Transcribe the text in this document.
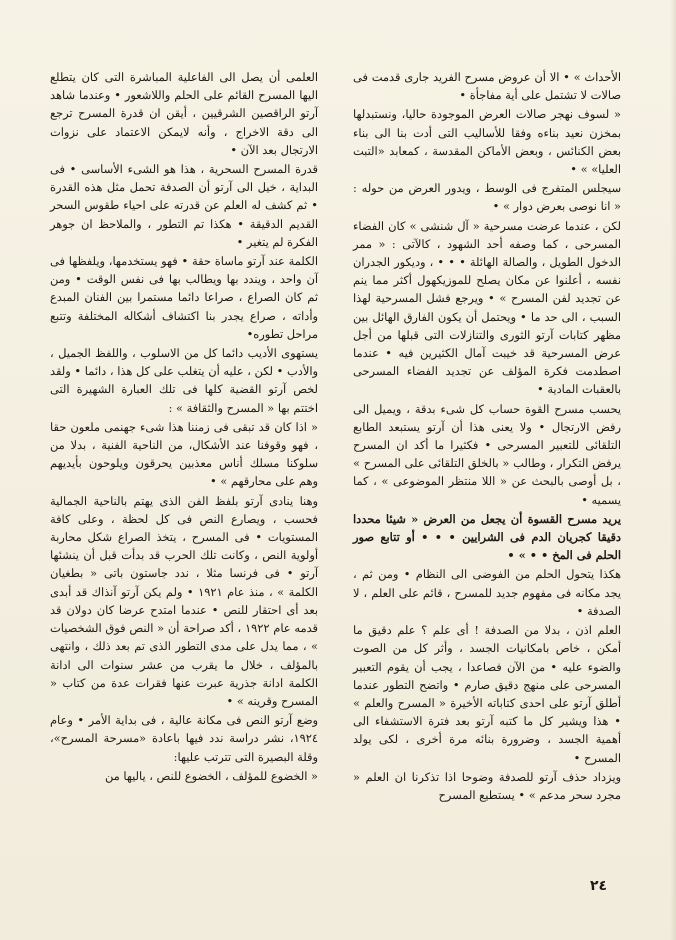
الأحداث » • الا أن عروض مسرح الفريد جارى قدمت فى صالات لا تشتمل على أية مفاجأة •

« لسوف نهجر صالات العرض الموجودة حاليا، ونستبدلها بمخزن نعيد بناءه وفقا للأساليب التى أدت بنا الى بناء بعض الكنائس ، وبعض الأماكن المقدسة ، كمعابد «التبت العليا» » •

سيجلس المتفرج فى الوسط ، ويدور العرض من حوله : « انا نوصى بعرض دوار » •

لكن ، عندما عرضت مسرحية « آل شنشى » كان الفضاء المسرحى ، كما وصفه أحد الشهود ، كالآتى : « ممر الدخول الطويل ، والصالة الهائلة • • • ، وديكور الجدران نفسه ، أعلنوا عن مكان يصلح للموزيكهول أكثر مما ينم عن تجديد لفن المسرح » • ويرجع فشل المسرحية لهذا السبب ، الى حد ما • ويحتمل أن يكون الفارق الهائل بين مظهر كتابات آرتو الثورى والتنازلات التى قبلها من أجل عرض المسرحية قد خيبت آمال الكثيرين فيه • عندما اصطدمت فكرة المؤلف عن تجديد الفضاء المسرحى بالعقبات المادية •

يحسب مسرح القوة حساب كل شىء بدقة ، ويميل الى رفض الارتجال • ولا يعنى هذا أن آرتو يستبعد الطابع التلقائى للتعبير المسرحى • فكثيرا ما أكد ان المسرح يرفض التكرار ، وطالب « بالخلق التلقائى على المسرح » ، بل أوصى بالبحث عن « اللا منتظر الموضوعى » ، كما يسميه •

يريد مسرح القسوة أن يجعل من العرض « شيئا محددا دقيقا كجريان الدم فى الشرايين • • • أو تتابع صور الحلم فى المخ • • » •

هكذا يتحول الحلم من الفوضى الى النظام • ومن ثم ، يجد مكانه فى مفهوم جديد للمسرح ، قائم على العلم ، لا الصدفة •

العلم اذن ، بدلا من الصدفة ! أى علم ؟ علم دقيق ما أمكن ، خاص بامكانيات الجسد ، وأثر كل من الصوت والضوء عليه • من الآن فصاعدا ، يجب أن يقوم التعبير المسرحى على منهج دقيق صارم • واتضح التطور عندما أطلق آرتو على احدى كتاباته الأخيرة « المسرح والعلم » • هذا ويشير كل ما كتبه آرتو بعد فترة الاستشفاء الى أهمية الجسد ، وضرورة بنائه مرة أخرى ، لكى يولد المسرح •

ويزداد حذف آرتو للصدفة وضوحا اذا تذكرنا ان العلم « مجرد سحر مدعم » • يستطيع المسرح

العلمى أن يصل الى الفاعلية المباشرة التى كان يتطلع اليها المسرح القائم على الحلم واللاشعور • وعندما شاهد آرتو الراقصين الشرقيين ، أيقن ان قدرة المسرح ترجع الى دقة الاخراج ، وأنه لايمكن الاعتماد على نزوات الارتجال بعد الآن •

قدرة المسرح السحرية ، هذا هو الشىء الأساسى • فى البداية ، خيل الى آرتو أن الصدفة تحمل مثل هذه القدرة • ثم كشف له العلم عن قدرته على احياء طقوس السحر القديم الدقيقة • هكذا تم التطور ، والملاحظ ان جوهر الفكرة لم يتغير •

الكلمة عند آرتو ماساة حقة • فهو يستخدمها، ويلفظها فى آن واحد ، ويندد بها ويطالب بها فى نفس الوقت • ومن ثم كان الصراع ، صراعا دائما مستمرا بين الفنان المبدع وأداته ، صراع يجدر بنا اكتشاف أشكاله المختلفة وتتبع مراحل تطوره•

يستهوى الأديب دائما كل من الاسلوب ، واللفظ الجميل ، والأدب • لكن ، عليه أن يتغلب على كل هذا ، دائما • ولقد لخص آرتو القضية كلها فى تلك العبارة الشهيرة التى اختتم بها « المسرح والثقافة » :

« اذا كان قد تبقى فى زمننا هذا شىء جهنمى ملعون حقا ، فهو وقوفنا عند الأشكال، من الناحية الفنية ، بدلا من سلوكنا مسلك أناس معذبين يحرقون ويلوحون بأيديهم وهم على محارقهم » •

وهنا ينادى آرتو بلفظ الفن الذى يهتم بالناحية الجمالية فحسب ، ويصارع النص فى كل لحظة ، وعلى كافة المستويات • فى المسرح ، يتخذ الصراع شكل محاربة أولوية النص ، وكانت تلك الحرب قد بدأت قبل أن ينشئها آرتو • فى فرنسا مثلا ، ندد جاستون باتى « بطغيان الكلمة » ، منذ عام ١٩٢١ • ولم يكن آرتو آنذاك قد أبدى بعد أى احتقار للنص • عندما امتدح عرضا كان دولان قد قدمه عام ١٩٢٢ ، أكد صراحة أن « النص فوق الشخصيات » ، مما يدل على مدى التطور الذى تم بعد ذلك ، وانتهى بالمؤلف ، خلال ما يقرب من عشر سنوات الى ادانة الكلمة ادانة جذرية عبرت عنها فقرات عدة من كتاب « المسرح وقرينه » •

وضع آرتو النص فى مكانة عالية ، فى بداية الأمر • وعام ١٩٢٤، نشر دراسة ندد فيها باعادة «مسرحة المسرح»، وقلة البصيرة التى تترتب عليها:

« الخضوع للمؤلف ، الخضوع للنص ، ياليها من

٢٤
